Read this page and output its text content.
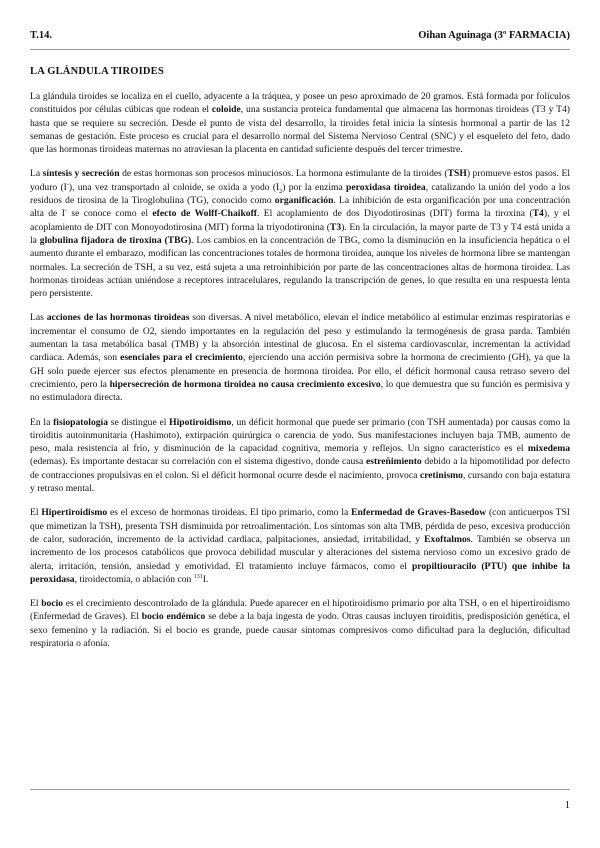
T.14.	Oihan Aguinaga (3º FARMACIA)
LA GLÁNDULA TIROIDES

La glándula tiroides se localiza en el cuello, adyacente a la tráquea, y posee un peso aproximado de 20 gramos. Está formada por folículos constituidos por células cúbicas que rodean el coloide, una sustancia proteica fundamental que almacena las hormonas tiroideas (T3 y T4) hasta que se requiere su secreción. Desde el punto de vista del desarrollo, la tiroides fetal inicia la síntesis hormonal a partir de las 12 semanas de gestación. Este proceso es crucial para el desarrollo normal del Sistema Nervioso Central (SNC) y el esqueleto del feto, dado que las hormonas tiroideas maternas no atraviesan la placenta en cantidad suficiente después del tercer trimestre.

La síntesis y secreción de estas hormonas son procesos minuciosos. La hormona estimulante de la tiroides (TSH) promueve estos pasos. El yoduro (I-), una vez transportado al coloide, se oxida a yodo $(I_2)$ por la enzima peroxidasa tiroidea, catalizando la unión del yodo a los residuos de tirosina de la Tiroglobulina (TG), conocido como organificación. La inhibición de esta organificación por una concentración alta de I- se conoce como el efecto de Wolff-Chaikoff. El acoplamiento de dos Diyodotirosinas (DIT) forma la tiroxina (T4), y el acoplamiento de DIT con Monoyodotirosina (MIT) forma la triyodotironina (T3). En la circulación, la mayor parte de T3 y T4 está unida a la globulina fijadora de tiroxina (TBG). Los cambios en la concentración de TBG, como la disminución en la insuficiencia hepática o el aumento durante el embarazo, modifican las concentraciones totales de hormona tiroidea, aunque los niveles de hormona libre se mantengan normales. La secreción de TSH, a su vez, está sujeta a una retroinhibición por parte de las concentraciones altas de hormona tiroidea. Las hormonas tiroideas actúan uniéndose a receptores intracelulares, regulando la transcripción de genes, lo que resulta en una respuesta lenta pero persistente.

Las acciones de las hormonas tiroideas son diversas. A nivel metabólico, elevan el índice metabólico al estimular enzimas respiratorias e incrementar el consumo de O2, siendo importantes en la regulación del peso y estimulando la termogénesis de grasa parda. También aumentan la tasa metabólica basal (TMB) y la absorción intestinal de glucosa. En el sistema cardiovascular, incrementan la actividad cardiaca. Además, son esenciales para el crecimiento, ejerciendo una acción permisiva sobre la hormona de crecimiento (GH), ya que la GH solo puede ejercer sus efectos plenamente en presencia de hormona tiroidea. Por ello, el déficit hormonal causa retraso severo del crecimiento, pero la hipersecreción de hormona tiroidea no causa crecimiento excesivo, lo que demuestra que su función es permisiva y no estimuladora directa.

En la fisiopatología se distingue el Hipotiroidismo, un déficit hormonal que puede ser primario (con TSH aumentada) por causas como la tiroiditis autoinmunitaria (Hashimoto), extirpación quirúrgica o carencia de yodo. Sus manifestaciones incluyen baja TMB, aumento de peso, mala resistencia al frío, y disminución de la capacidad cognitiva, memoria y reflejos. Un signo característico es el mixedema (edemas). Es importante destacar su correlación con el sistema digestivo, donde causa estreñimiento debido a la hipomotilidad por defecto de contracciones propulsivas en el colon. Si el déficit hormonal ocurre desde el nacimiento, provoca cretinismo, cursando con baja estatura y retraso mental.

El Hipertiroidismo es el exceso de hormonas tiroideas. El tipo primario, como la Enfermedad de Graves-Basedow (con anticuerpos TSI que mimetizan la TSH), presenta TSH disminuida por retroalimentación. Los síntomas son alta TMB, pérdida de peso, excesiva producción de calor, sudoración, incremento de la actividad cardiaca, palpitaciones, ansiedad, irritabilidad, y Exoftalmos. También se observa un incremento de los procesos catabólicos que provoca debilidad muscular y alteraciones del sistema nervioso como un excesivo grado de alerta, irritación, tensión, ansiedad y emotividad. El tratamiento incluye fármacos, como el propiltiouracilo (PTU) que inhibe la peroxidasa, tiroidectomía, o ablación con $^{131}$I.

El bocio es el crecimiento descontrolado de la glándula. Puede aparecer en el hipotiroidismo primario por alta TSH, o en el hipertiroidismo (Enfermedad de Graves). El bocio endémico se debe a la baja ingesta de yodo. Otras causas incluyen tiroiditis, predisposición genética, el sexo femenino y la radiación. Si el bocio es grande, puede causar síntomas compresivos como dificultad para la deglución, dificultad respiratoria o afonía.

1
